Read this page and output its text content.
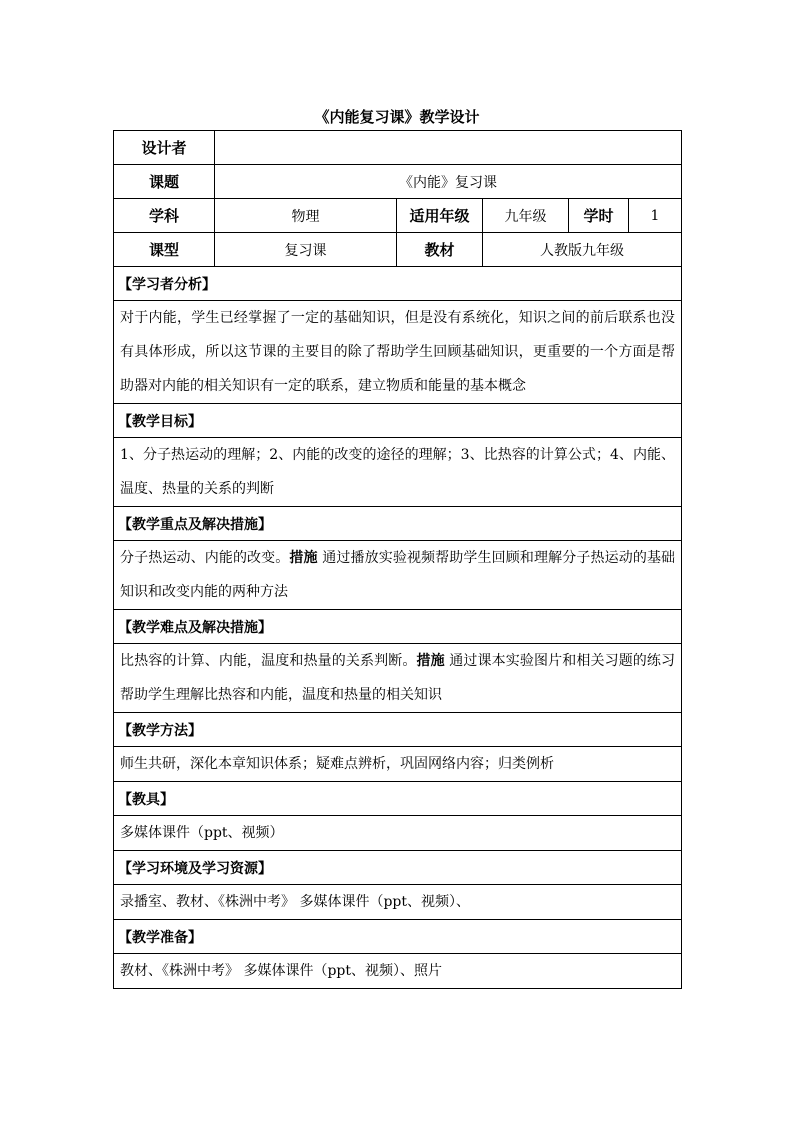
《内能复习课》教学设计
设计者					
课题	《内能》复习课				
学科	物理	适用年级	九年级	学时	1
课型	复习课	教材	人教版九年级		
【学习者分析】					
对于内能，学生已经掌握了一定的基础知识，但是没有系统化，知识之间的前后联系也没有具体形成，所以这节课的主要目的除了帮助学生回顾基础知识，更重要的一个方面是帮助器对内能的相关知识有一定的联系，建立物质和能量的基本概念					
【教学目标】					
1、分子热运动的理解；2、内能的改变的途径的理解；3、比热容的计算公式；4、内能、温度、热量的关系的判断					
【教学重点及解决措施】					
分子热运动、内能的改变。措施 通过播放实验视频帮助学生回顾和理解分子热运动的基础知识和改变内能的两种方法					
【教学难点及解决措施】					
比热容的计算、内能，温度和热量的关系判断。措施 通过课本实验图片和相关习题的练习帮助学生理解比热容和内能，温度和热量的相关知识					
【教学方法】					
师生共研，深化本章知识体系；疑难点辨析，巩固网络内容；归类例析					
【教具】					
多媒体课件（ppt、视频）					
【学习环境及学习资源】					
录播室、教材、《株洲中考》 多媒体课件（ppt、视频）、					
【教学准备】					
教材、《株洲中考》 多媒体课件（ppt、视频）、照片					
